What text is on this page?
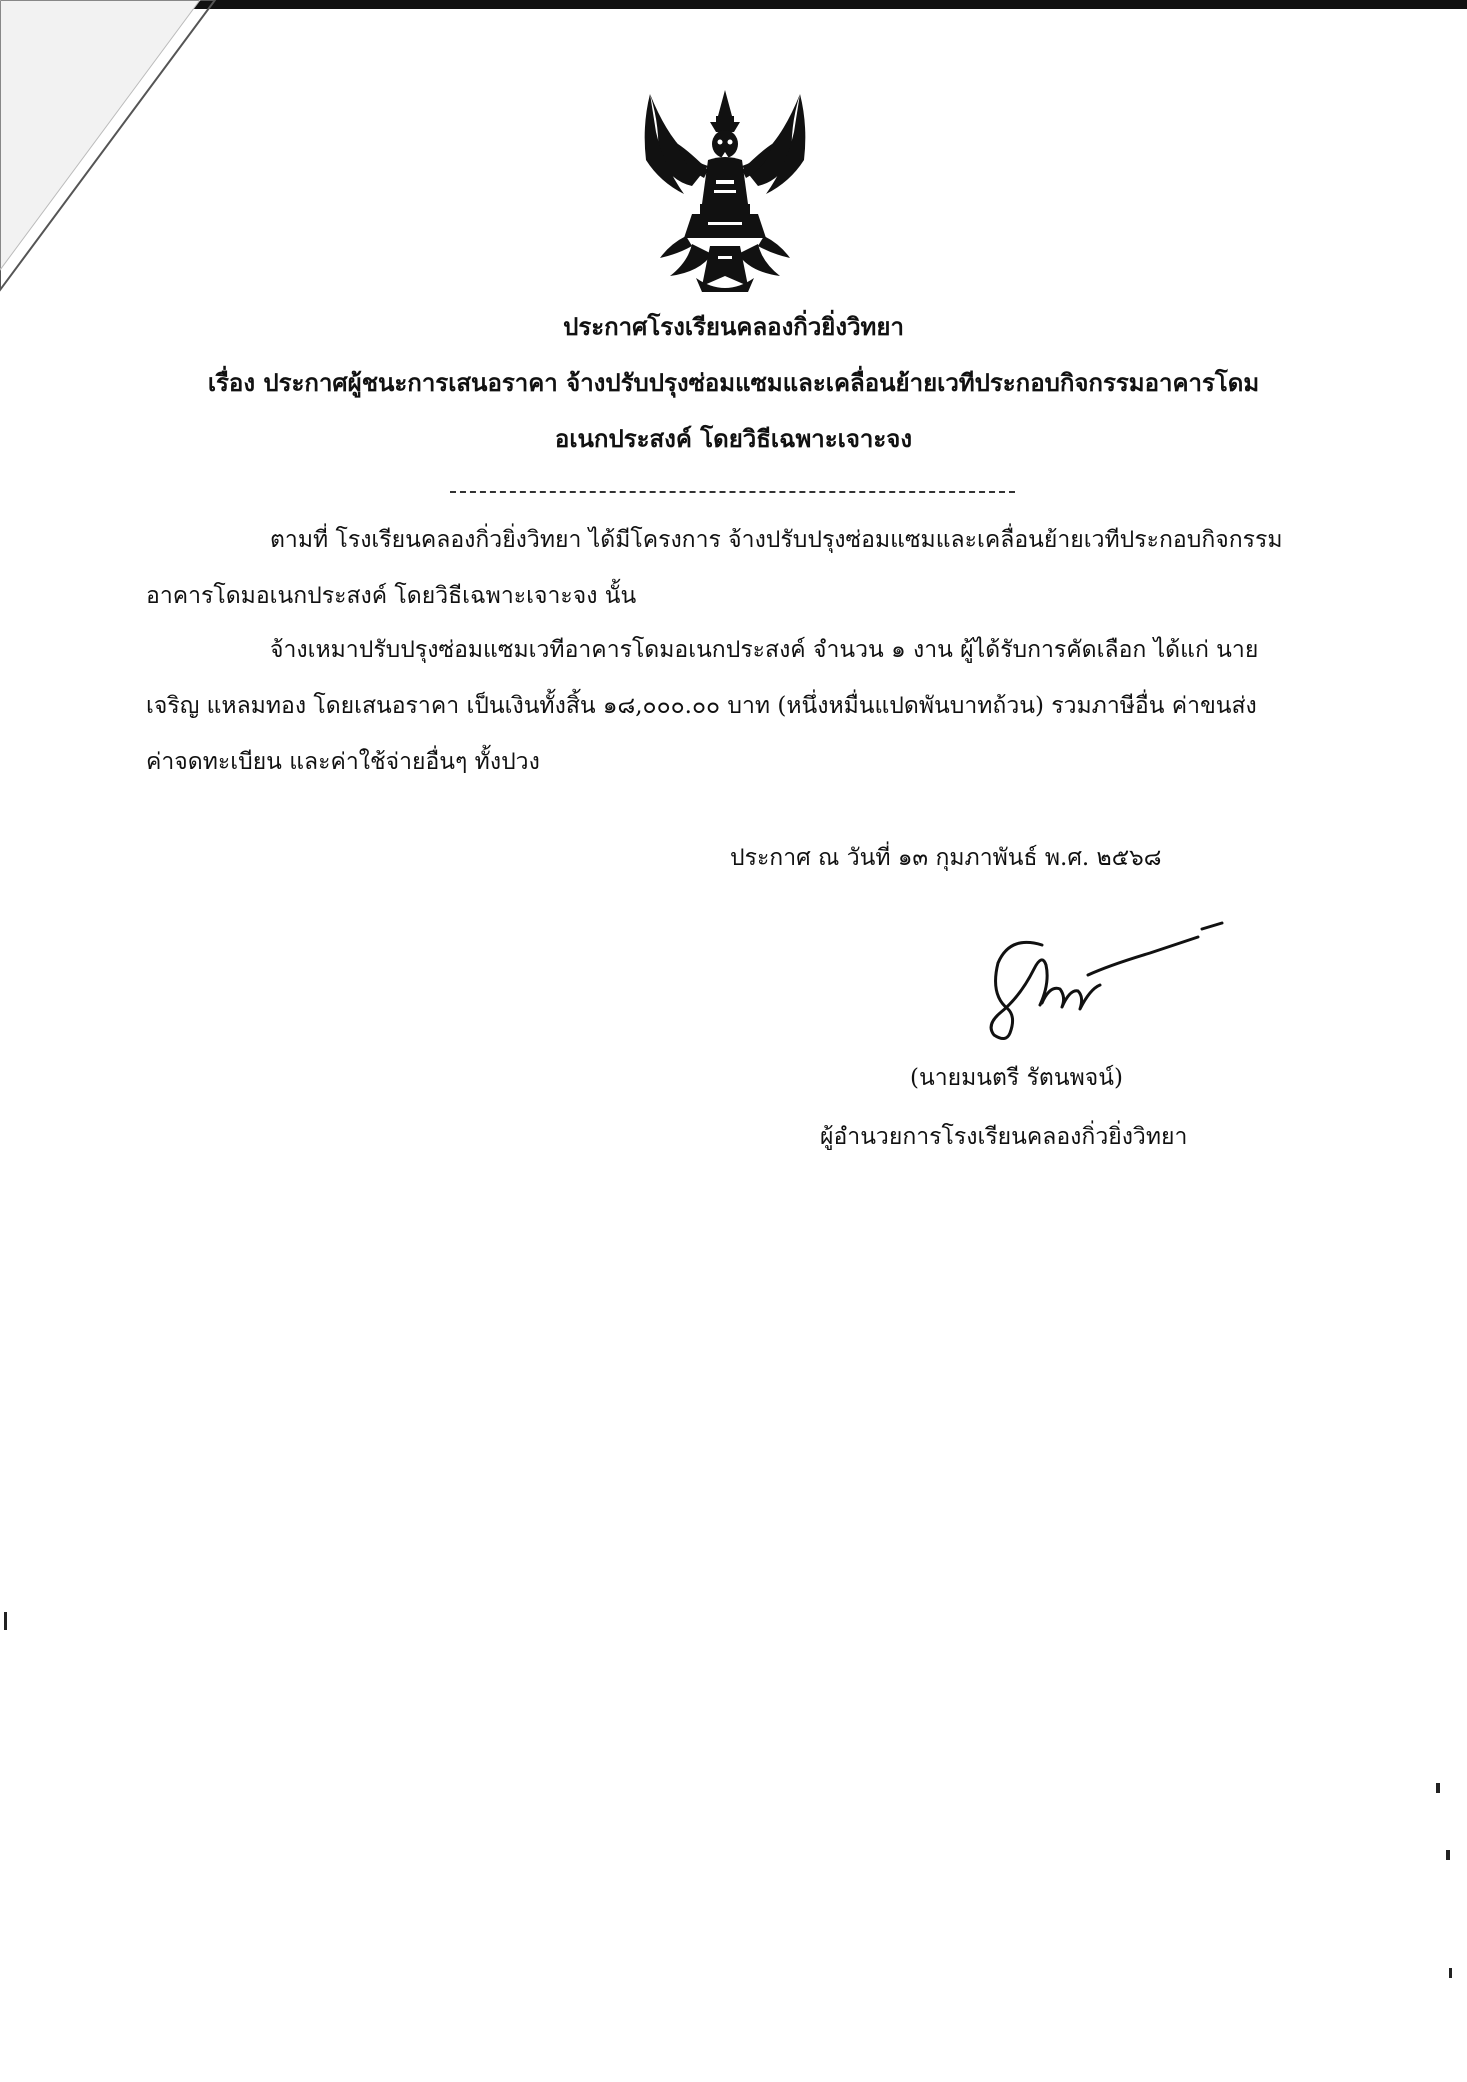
ประกาศโรงเรียนคลองกิ่วยิ่งวิทยา
เรื่อง ประกาศผู้ชนะการเสนอราคา จ้างปรับปรุงซ่อมแซมและเคลื่อนย้ายเวทีประกอบกิจกรรมอาคารโดม
อเนกประสงค์ โดยวิธีเฉพาะเจาะจง
ตามที่ โรงเรียนคลองกิ่วยิ่งวิทยา ได้มีโครงการ จ้างปรับปรุงซ่อมแซมและเคลื่อนย้ายเวทีประกอบกิจกรรม
อาคารโดมอเนกประสงค์ โดยวิธีเฉพาะเจาะจง นั้น
จ้างเหมาปรับปรุงซ่อมแซมเวทีอาคารโดมอเนกประสงค์ จำนวน ๑ งาน ผู้ได้รับการคัดเลือก ได้แก่ นาย
เจริญ แหลมทอง โดยเสนอราคา เป็นเงินทั้งสิ้น ๑๘,๐๐๐.๐๐ บาท (หนึ่งหมื่นแปดพันบาทถ้วน) รวมภาษีอื่น ค่าขนส่ง
ค่าจดทะเบียน และค่าใช้จ่ายอื่นๆ ทั้งปวง
ประกาศ ณ วันที่ ๑๓ กุมภาพันธ์ พ.ศ. ๒๕๖๘
(นายมนตรี รัตนพจน์)
ผู้อำนวยการโรงเรียนคลองกิ่วยิ่งวิทยา
